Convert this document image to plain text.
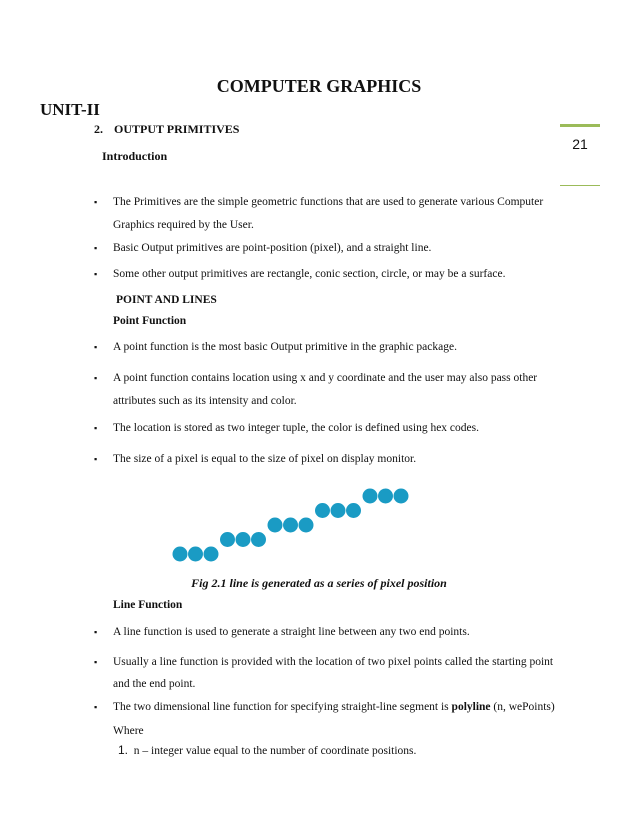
COMPUTER GRAPHICS
UNIT-II
2. OUTPUT PRIMITIVES
Introduction
21
▪ The Primitives are the simple geometric functions that are used to generate various Computer
Graphics required by the User.
▪ Basic Output primitives are point-position (pixel), and a straight line.
▪ Some other output primitives are rectangle, conic section, circle, or may be a surface.
POINT AND LINES
Point Function
▪ A point function is the most basic Output primitive in the graphic package.
▪ A point function contains location using x and y coordinate and the user may also pass other
attributes such as its intensity and color.
▪ The location is stored as two integer tuple, the color is defined using hex codes.
▪ The size of a pixel is equal to the size of pixel on display monitor.
Fig 2.1 line is generated as a series of pixel position
Line Function
▪ A line function is used to generate a straight line between any two end points.
▪ Usually a line function is provided with the location of two pixel points called the starting point
and the end point.
▪ The two dimensional line function for specifying straight-line segment is polyline (n, wePoints)
Where
1. n – integer value equal to the number of coordinate positions.
